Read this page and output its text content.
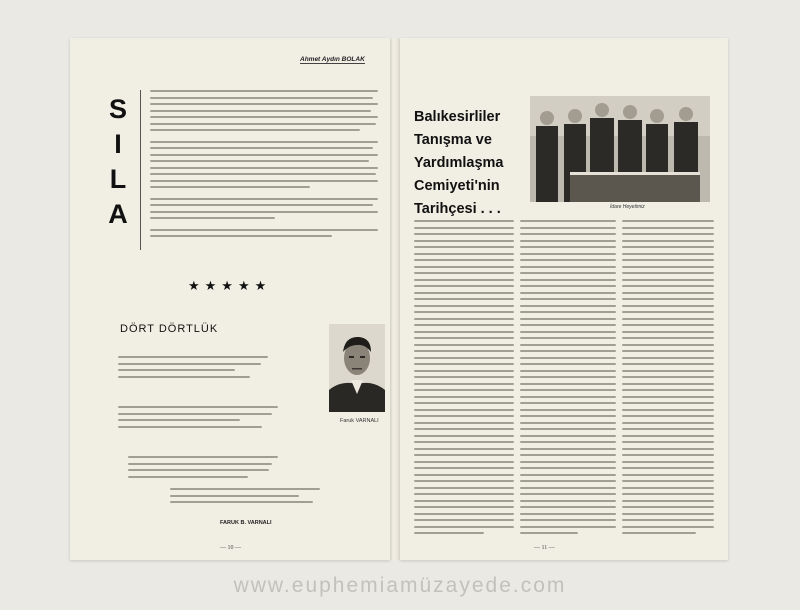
Ahmet Aydın BOLAK
S
I
L
A
★★★★★
DÖRT DÖRTLÜK
Faruk VARNALI
FARUK B. VARNALI
— 10 —
Balıkesirliler
Tanışma ve
Yardımlaşma
Cemiyeti'nin
Tarihçesi . . .	İdare Heyetimiz
— 11 —
www.euphemiamüzayede.com
